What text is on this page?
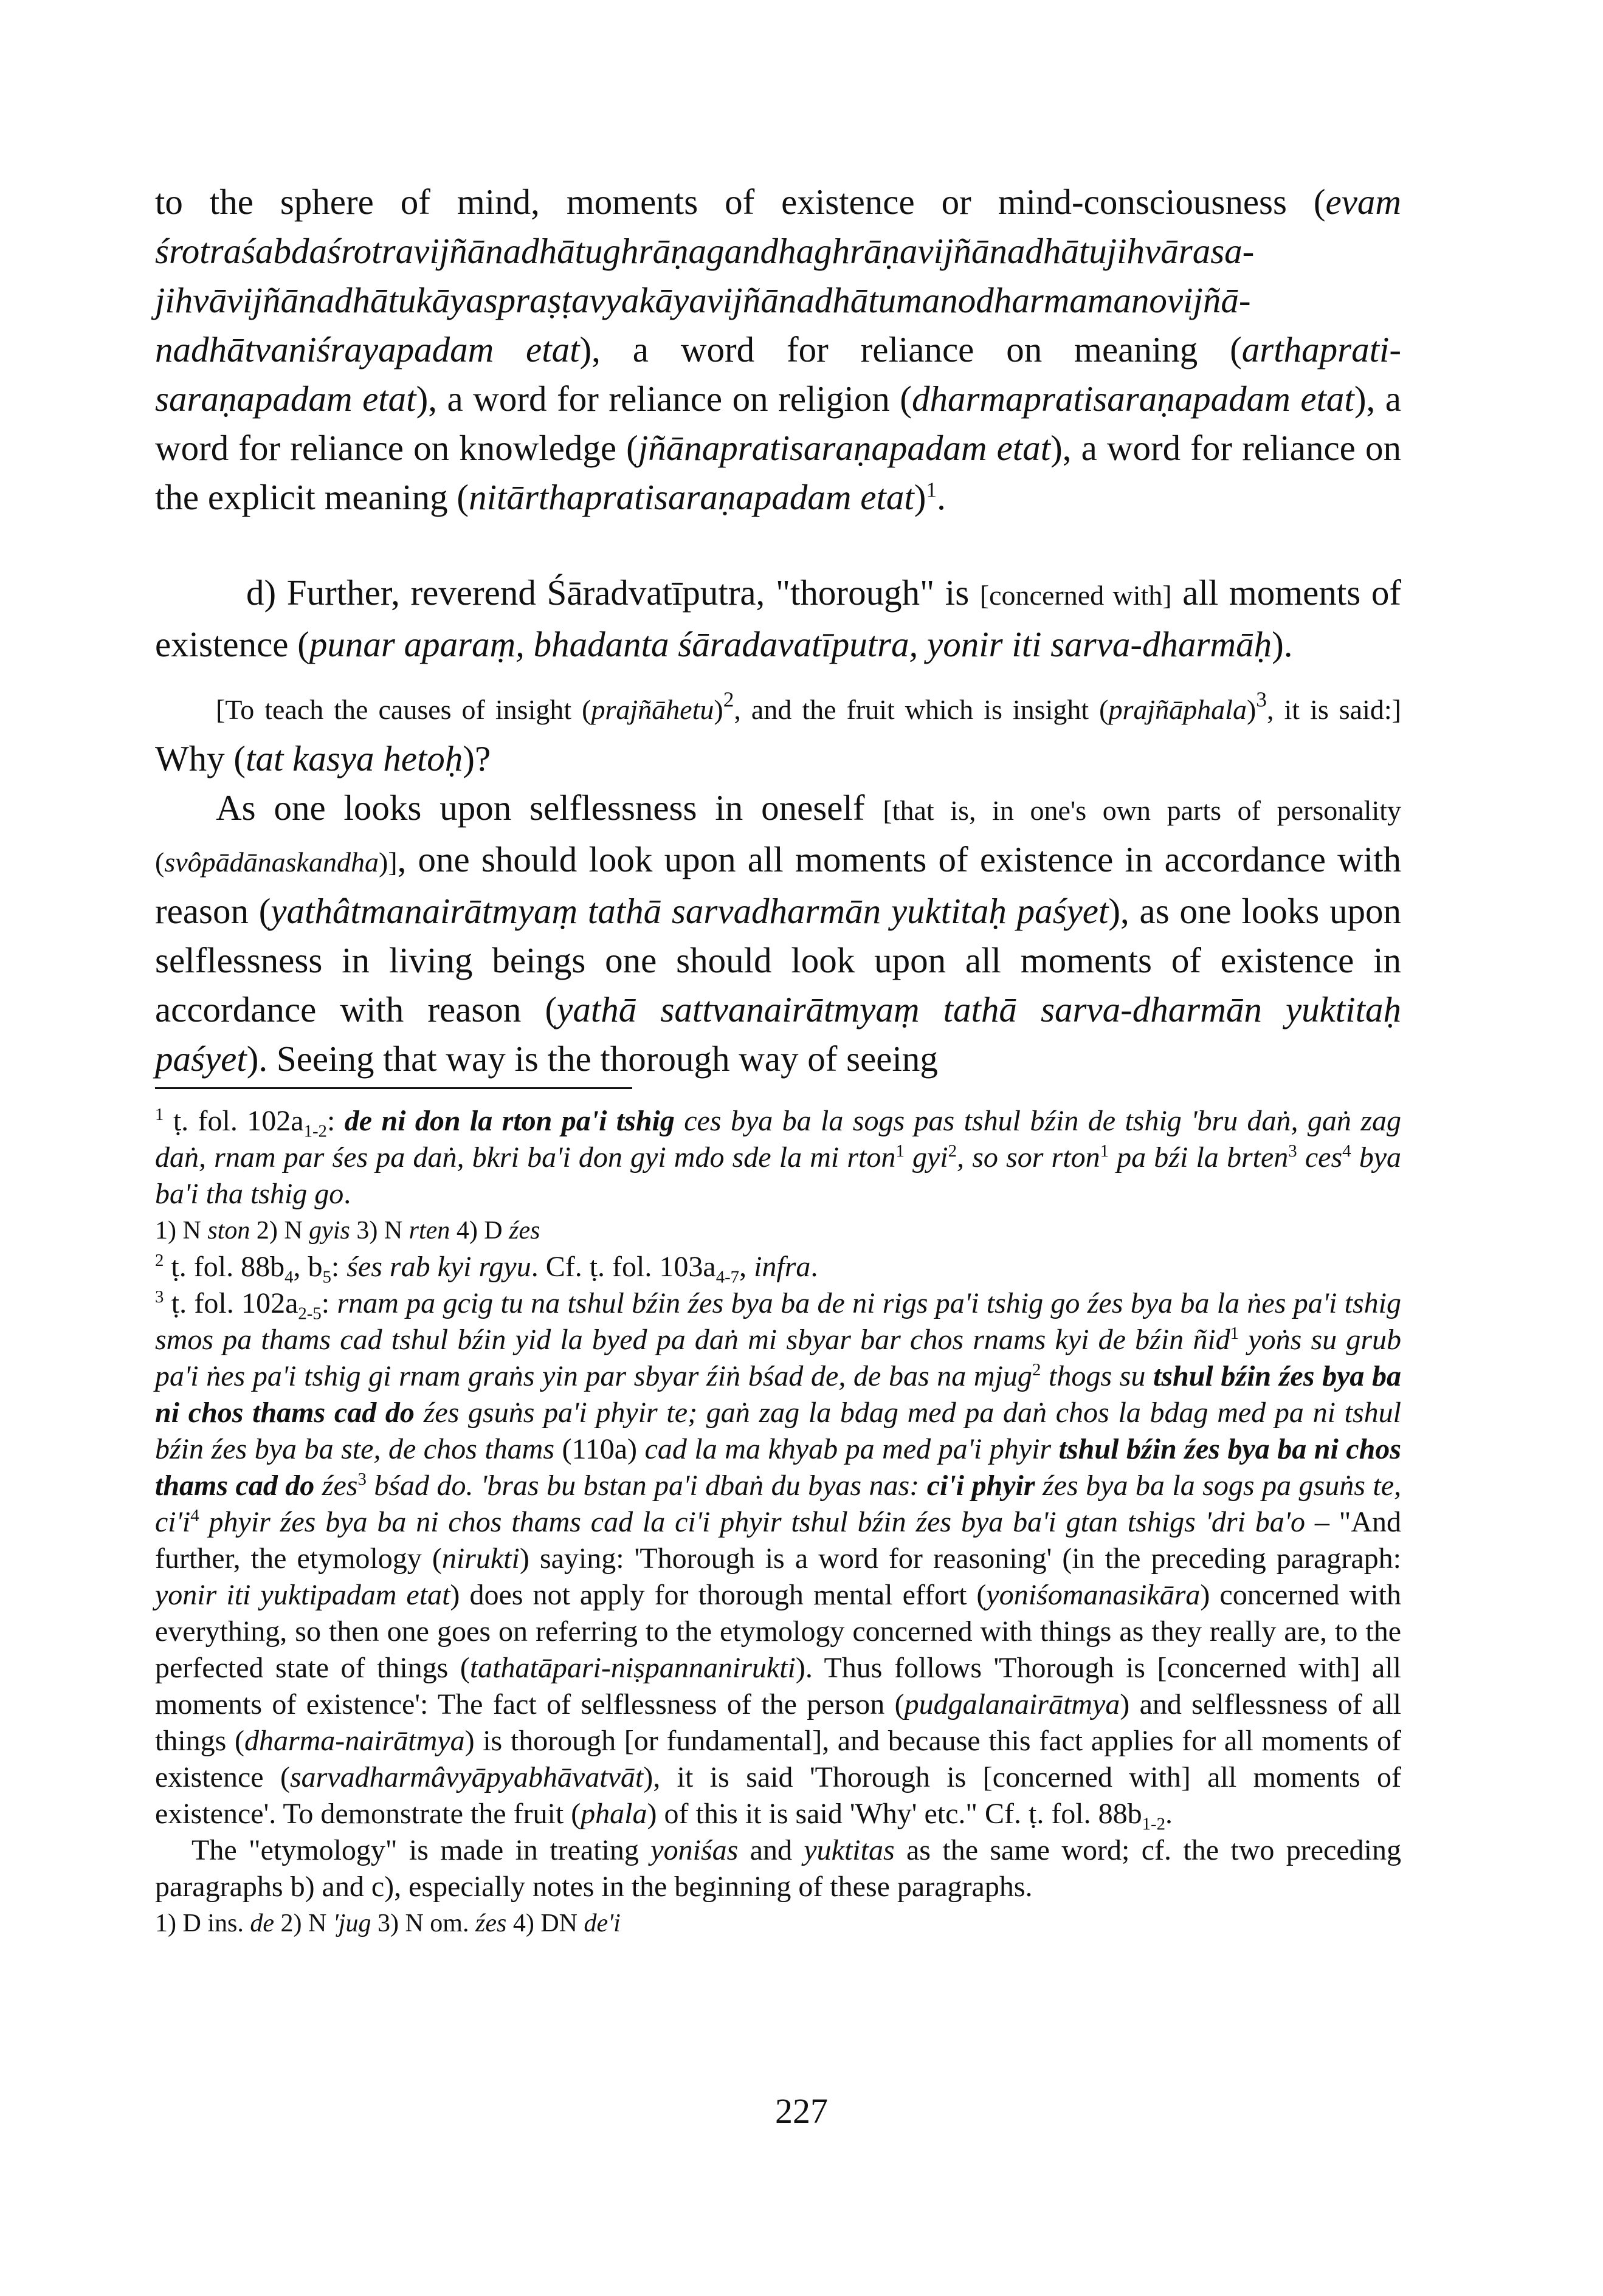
to the sphere of mind, moments of existence or mind-consciousness (evam śrotraśabdaśrotravijñānadhātughrāṇagandhaghrāṇavijñānadhātujihvārasa-jihvāvijñānadhātukāyaspraṣṭavyakāyavijñānadhātumanodharmamanovijñā-nadhātvaniśrayapadam etat), a word for reliance on meaning (arthaprati-saraṇapadam etat), a word for reliance on religion (dharmapratisaraṇapadam etat), a word for reliance on knowledge (jñānapratisaraṇapadam etat), a word for reliance on the explicit meaning (nitārthapratisaraṇapadam etat)$^1$.

d) Further, reverend Śāradvatīputra, "thorough" is [concerned with] all moments of existence (punar aparaṃ, bhadanta śāradavatīputra, yonir iti sarva-dharmāḥ).

[To teach the causes of insight (prajñāhetu)$^2$, and the fruit which is insight (prajñāphala)$^3$, it is said:] Why (tat kasya hetoḥ)?

As one looks upon selflessness in oneself [that is, in one's own parts of personality (svôpādānaskandha)], one should look upon all moments of existence in accordance with reason (yathâtmanairātmyaṃ tathā sarvadharmān yuktitaḥ paśyet), as one looks upon selflessness in living beings one should look upon all moments of existence in accordance with reason (yathā sattvanairātmyaṃ tathā sarva-dharmān yuktitaḥ paśyet). Seeing that way is the thorough way of seeing

$^1$ ṭ. fol. $102a_{1-2}$: de ni don la rton pa'i tshig ces bya ba la sogs pas tshul bźin de tshig 'bru daṅ, gaṅ zag daṅ, rnam par śes pa daṅ, bkri ba'i don gyi mdo sde la mi rton$^1$ gyi$^2$, so sor rton$^1$ pa bźi la brten$^3$ ces$^4$ bya ba'i tha tshig go.

1) N ston 2) N gyis 3) N rten 4) D źes

$^2$ ṭ. fol. $88b_4$, $b_5$: śes rab kyi rgyu. Cf. ṭ. fol. $103a_{4-7}$, infra.

$^3$ ṭ. fol. $102a_{2-5}$: rnam pa gcig tu na tshul bźin źes bya ba de ni rigs pa'i tshig go źes bya ba la ṅes pa'i tshig smos pa thams cad tshul bźin yid la byed pa daṅ mi sbyar bar chos rnams kyi de bźin ñid$^1$ yoṅs su grub pa'i ṅes pa'i tshig gi rnam graṅs yin par sbyar źiṅ bśad de, de bas na mjug$^2$ thogs su tshul bźin źes bya ba ni chos thams cad do źes gsuṅs pa'i phyir te; gaṅ zag la bdag med pa daṅ chos la bdag med pa ni tshul bźin źes bya ba ste, de chos thams (110a) cad la ma khyab pa med pa'i phyir tshul bźin źes bya ba ni chos thams cad do źes$^3$ bśad do. 'bras bu bstan pa'i dbaṅ du byas nas: ci'i phyir źes bya ba la sogs pa gsuṅs te, $ci'i^4$ phyir źes bya ba ni chos thams cad la ci'i phyir tshul bźin źes bya ba'i gtan tshigs 'dri ba'o – "And further, the etymology (nirukti) saying: 'Thorough is a word for reasoning' (in the preceding paragraph: yonir iti yuktipadam etat) does not apply for thorough mental effort (yoniśomanasikāra) concerned with everything, so then one goes on referring to the etymology concerned with things as they really are, to the perfected state of things (tathatāpari-niṣpannanirukti). Thus follows 'Thorough is [concerned with] all moments of existence': The fact of selflessness of the person (pudgalanairātmya) and selflessness of all things (dharma-nairātmya) is thorough [or fundamental], and because this fact applies for all moments of existence (sarvadharmâvyāpyabhāvatvāt), it is said 'Thorough is [concerned with] all moments of existence'. To demonstrate the fruit (phala) of this it is said 'Why' etc." Cf. ṭ. fol. $88b_{1-2}$.

The "etymology" is made in treating yoniśas and yuktitas as the same word; cf. the two preceding paragraphs b) and c), especially notes in the beginning of these paragraphs.

1) D ins. de 2) N 'jug 3) N om. źes 4) DN de'i

227
